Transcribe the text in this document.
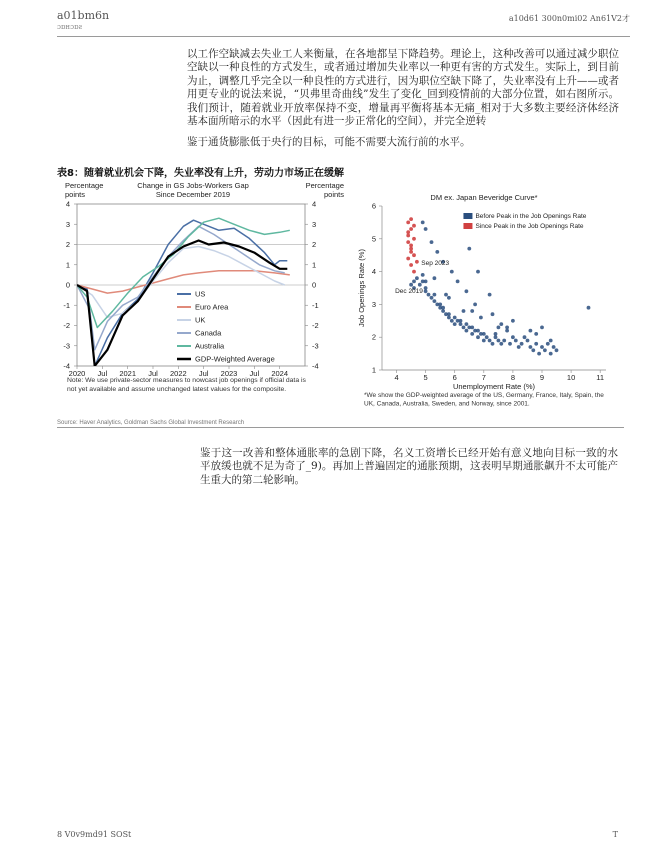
a01bm6n
ɔɒʜɔɒƨ
a10d61 300n0mi02 An61V2才
以工作空缺减去失业工人来衡量，在各地都呈下降趋势。理论上，这种改善可以通过减少职位空缺以一种良性的方式发生，或者通过增加失业率以一种更有害的方式发生。实际上，到目前为止，调整几乎完全以一种良性的方式进行，因为职位空缺下降了，失业率没有上升——或者用更专业的说法来说，“贝弗里奇曲线”发生了变化_回到疫情前的大部分位置，如右图所示。我们预计，随着就业开放率保持不变，增量再平衡将基本无痛_相对于大多数主要经济体经济基本面所暗示的水平（因此有进一步正常化的空间），并完全逆转
鉴于通货膨胀低于央行的目标，可能不需要大流行前的水平。
表8：随着就业机会下降，失业率没有上升，劳动力市场正在缓解
Change in GS Jobs-Workers Gap
Since December 2019
Percentage
points
Percentage
points
4	4
3	3
2	2
1	1
0	0
-1	-1
-2	-2
-3	-3
-4	-4
2020 Jul 2021 Jul 2022 Jul 2023 Jul 2024
US
Euro Area
UK
Canada
Australia
GDP-Weighted Average
Note: We use private-sector measures to nowcast job openings if official data is
not yet available and assume unchanged latest values for the composite.
DM ex. Japan Beveridge Curve*
Job Openings Rate (%)
Unemployment Rate (%)
1
2
3
4
5
6
4	5	6	7	8	9	10	11
Sep 2023
Dec 2019
Before Peak in the Job Openings Rate
Since Peak in the Job Openings Rate
*We show the GDP-weighted average of the US, Germany, France, Italy, Spain, the
UK, Canada, Australia, Sweden, and Norway, since 2001.
Source: Haver Analytics, Goldman Sachs Global Investment Research
鉴于这一改善和整体通胀率的急剧下降，名义工资增长已经开始有意义地向目标一致的水平放缓也就不足为奇了_9)。再加上普遍固定的通胀预期，这表明早期通胀飙升不太可能产生重大的第二轮影响。
8 V0v9md91 SOSt	T
